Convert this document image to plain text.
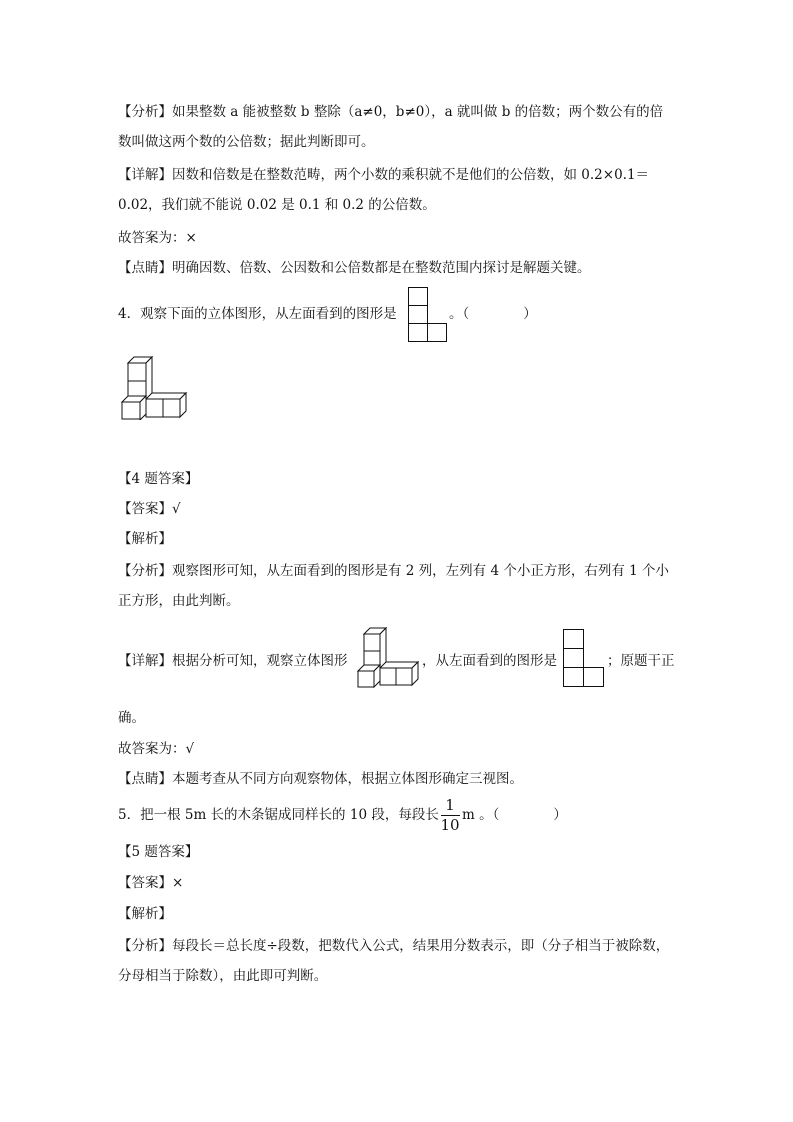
【分析】如果整数 a 能被整数 b 整除（a≠0，b≠0），a 就叫做 b 的倍数；两个数公有的倍
数叫做这两个数的公倍数；据此判断即可。
【详解】因数和倍数是在整数范畴，两个小数的乘积就不是他们的公倍数，如 0.2×0.1＝
0.02，我们就不能说 0.02 是 0.1 和 0.2 的公倍数。
故答案为：×
【点睛】明确因数、倍数、公因数和公倍数都是在整数范围内探讨是解题关键。
4．观察下面的立体图形，从左面看到的图形是	。（　　　　）
【4 题答案】
【答案】√
【解析】
【分析】观察图形可知，从左面看到的图形是有 2 列，左列有 4 个小正方形，右列有 1 个小
正方形，由此判断。
【详解】根据分析可知，观察立体图形	，从左面看到的图形是	；原题干正
确。
故答案为：√
【点睛】本题考查从不同方向观察物体，根据立体图形确定三视图。
5．把一根 5m 长的木条锯成同样长的 10 段，每段长
1
10
m 。（　　　　）
【5 题答案】
【答案】×
【解析】
【分析】每段长＝总长度÷段数，把数代入公式，结果用分数表示，即（分子相当于被除数，
分母相当于除数），由此即可判断。
